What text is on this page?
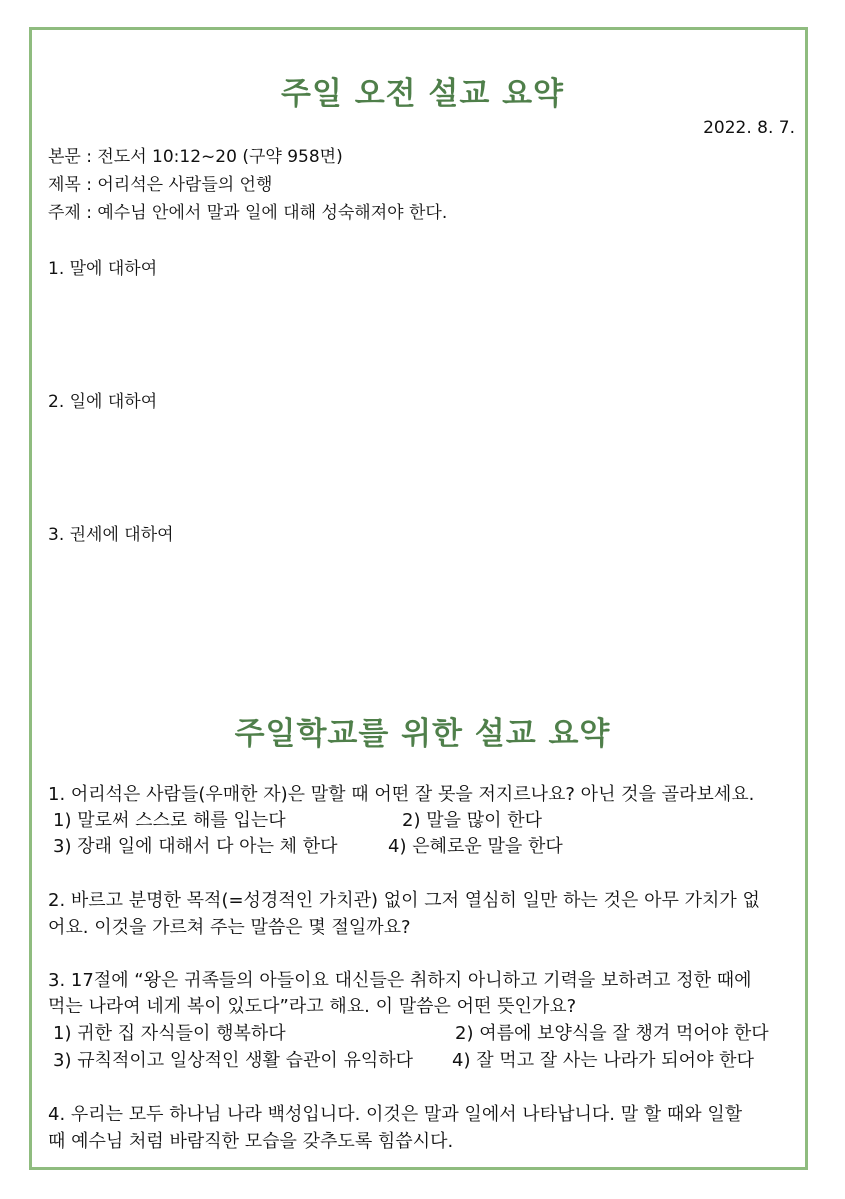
주일 오전 설교 요약
2022. 8. 7.
본문 : 전도서 10:12~20 (구약 958면)
제목 : 어리석은 사람들의 언행
주제 : 예수님 안에서 말과 일에 대해 성숙해져야 한다.
1. 말에 대하여
2. 일에 대하여
3. 권세에 대하여
주일학교를 위한 설교 요약
1. 어리석은 사람들(우매한 자)은 말할 때 어떤 잘 못을 저지르나요? 아닌 것을 골라보세요.
1) 말로써 스스로 해를 입는다	2) 말을 많이 한다
3) 장래 일에 대해서 다 아는 체 한다	4) 은혜로운 말을 한다
2. 바르고 분명한 목적(=성경적인 가치관) 없이 그저 열심히 일만 하는 것은 아무 가치가 없
어요. 이것을 가르쳐 주는 말씀은 몇 절일까요?
3. 17절에 “왕은 귀족들의 아들이요 대신들은 취하지 아니하고 기력을 보하려고 정한 때에
먹는 나라여 네게 복이 있도다”라고 해요. 이 말씀은 어떤 뜻인가요?
1) 귀한 집 자식들이 행복하다	2) 여름에 보양식을 잘 챙겨 먹어야 한다
3) 규칙적이고 일상적인 생활 습관이 유익하다 4) 잘 먹고 잘 사는 나라가 되어야 한다
4. 우리는 모두 하나님 나라 백성입니다. 이것은 말과 일에서 나타납니다. 말 할 때와 일할
때 예수님 처럼 바람직한 모습을 갖추도록 힘씁시다.
